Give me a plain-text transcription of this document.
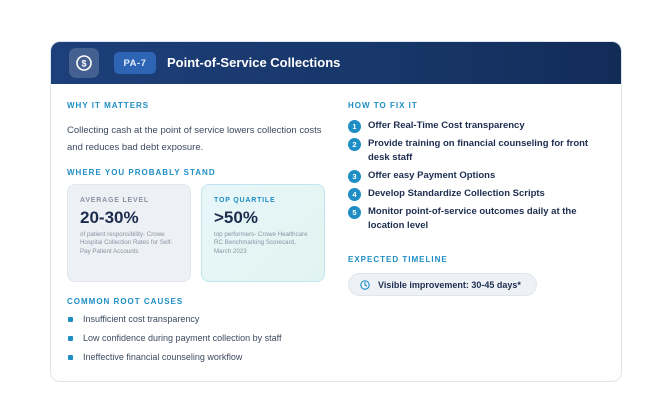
$	PA-7	Point-of-Service Collections
WHY IT MATTERS
Collecting cash at the point of service lowers collection costs and reduces bad debt exposure.
WHERE YOU PROBABLY STAND
AVERAGE LEVEL
20-30%
of patient responsibility- Crowe Hospital Collection Rates for Self-Pay Patient Accounts
TOP QUARTILE
>50%
top performers- Crowe Healthcare RC Benchmarking Scorecard, March 2023
COMMON ROOT CAUSES
Insufficient cost transparency
Low confidence during payment collection by staff
Ineffective financial counseling workflow
HOW TO FIX IT
1	Offer Real-Time Cost transparency
2	Provide training on financial counseling for front desk staff
3	Offer easy Payment Options
4	Develop Standardize Collection Scripts
5	Monitor point-of-service outcomes daily at the location level
EXPECTED TIMELINE
Visible improvement: 30-45 days*
